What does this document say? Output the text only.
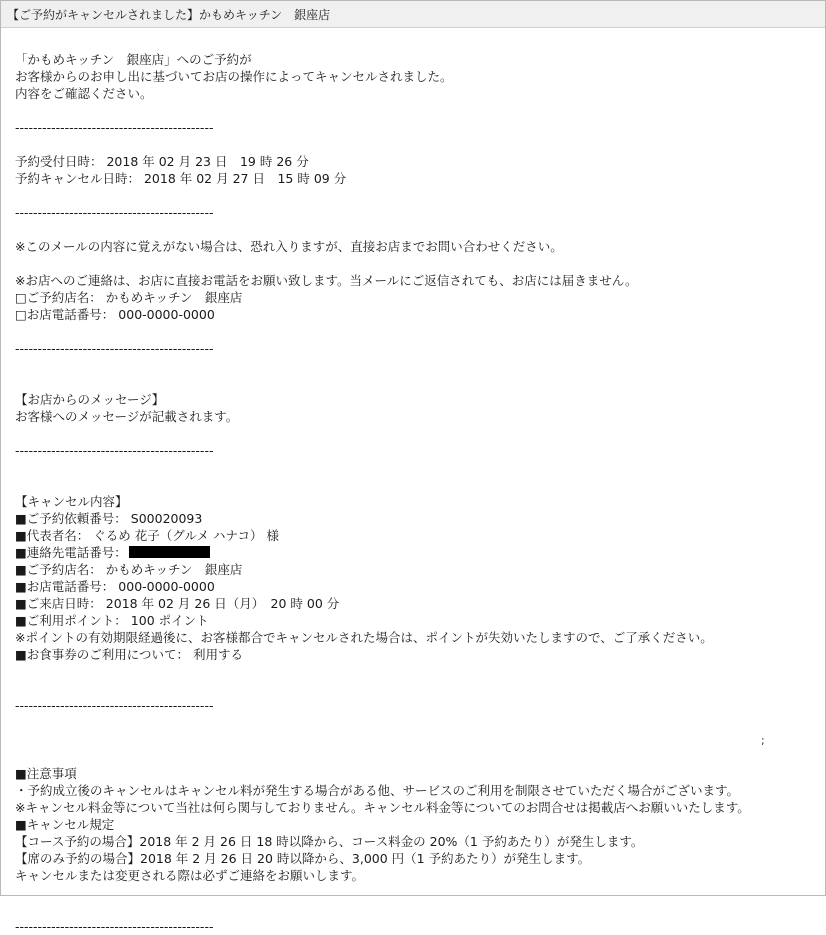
【ご予約がキャンセルされました】かもめキッチン　銀座店
「かもめキッチン　銀座店」へのご予約が
お客様からのお申し出に基づいてお店の操作によってキャンセルされました。
内容をご確認ください。
--------------------------------------------
予約受付日時： 2018 年 02 月 23 日　19 時 26 分
予約キャンセル日時： 2018 年 02 月 27 日　15 時 09 分
--------------------------------------------
※このメールの内容に覚えがない場合は、恐れ入りますが、直接お店までお問い合わせください。
※お店へのご連絡は、お店に直接お電話をお願い致します。当メールにご返信されても、お店には届きません。
□ご予約店名： かもめキッチン　銀座店
□お店電話番号： 000-0000-0000
--------------------------------------------
【お店からのメッセージ】
お客様へのメッセージが記載されます。
--------------------------------------------
【キャンセル内容】
■ご予約依頼番号： S00020093
■代表者名： ぐるめ 花子（グルメ ハナコ） 様
■連絡先電話番号：
■ご予約店名： かもめキッチン　銀座店
■お店電話番号： 000-0000-0000
■ご来店日時： 2018 年 02 月 26 日（月）　20 時 00 分
■ご利用ポイント： 100 ポイント
※ポイントの有効期限経過後に、お客様都合でキャンセルされた場合は、ポイントが失効いたしますので、ご了承ください。
■お食事券のご利用について： 利用する
--------------------------------------------
■注意事項
・予約成立後のキャンセルはキャンセル料が発生する場合がある他、サービスのご利用を制限させていただく場合がございます。
※キャンセル料金等について当社は何ら関与しておりません。キャンセル料金等についてのお問合せは掲載店へお願いいたします。
■キャンセル規定
【コース予約の場合】2018 年 2 月 26 日 18 時以降から、コース料金の 20%（1 予約あたり）が発生します。
【席のみ予約の場合】2018 年 2 月 26 日 20 時以降から、3,000 円（1 予約あたり）が発生します。
キャンセルまたは変更される際は必ずご連絡をお願いします。
--------------------------------------------
;
